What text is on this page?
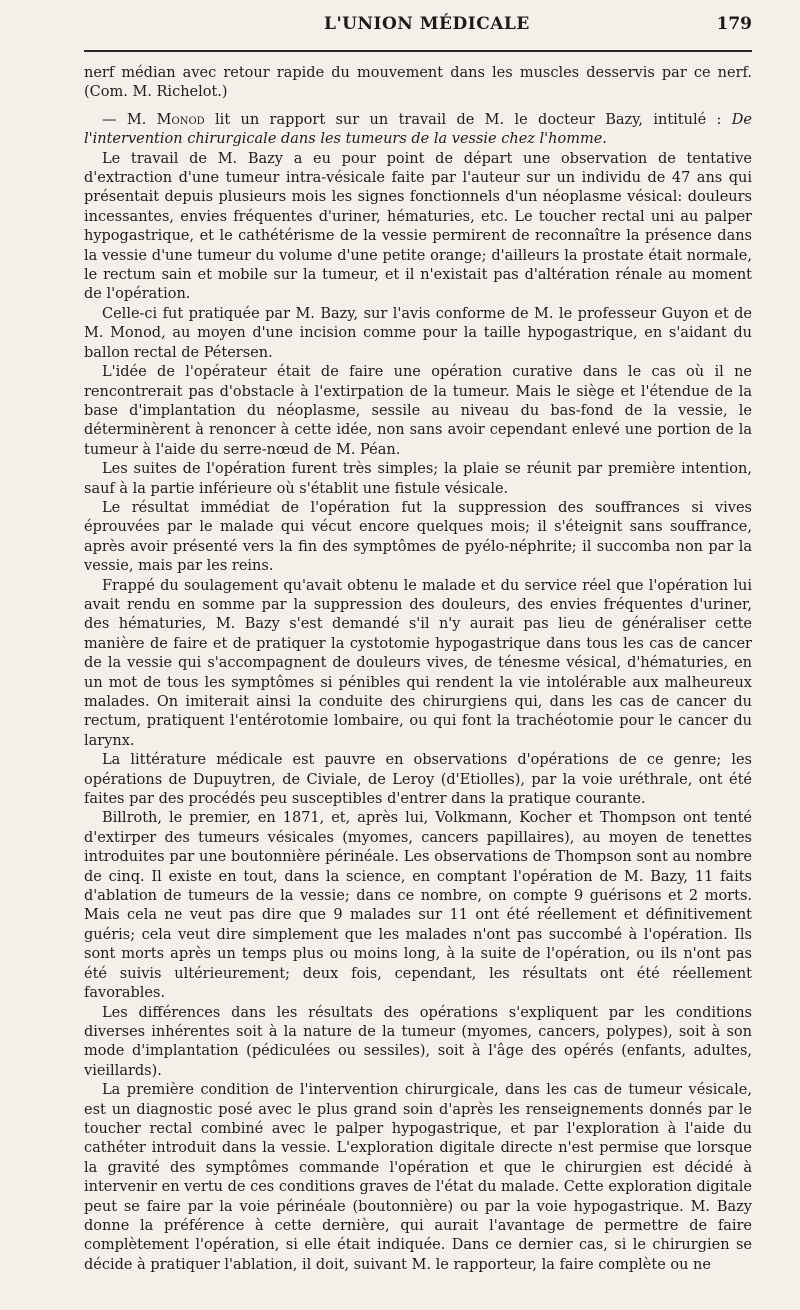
L'UNION MÉDICALE	179

nerf médian avec retour rapide du mouvement dans les muscles desservis par ce nerf. (Com. M. Richelot.)

— M. Monod lit un rapport sur un travail de M. le docteur Bazy, intitulé : De l'intervention chirurgicale dans les tumeurs de la vessie chez l'homme.

Le travail de M. Bazy a eu pour point de départ une observation de tentative d'extraction d'une tumeur intra-vésicale faite par l'auteur sur un individu de 47 ans qui présentait depuis plusieurs mois les signes fonctionnels d'un néoplasme vésical: douleurs incessantes, envies fréquentes d'uriner, hématuries, etc. Le toucher rectal uni au palper hypogastrique, et le cathétérisme de la vessie permirent de reconnaître la présence dans la vessie d'une tumeur du volume d'une petite orange; d'ailleurs la prostate était normale, le rectum sain et mobile sur la tumeur, et il n'existait pas d'altération rénale au moment de l'opération.

Celle-ci fut pratiquée par M. Bazy, sur l'avis conforme de M. le professeur Guyon et de M. Monod, au moyen d'une incision comme pour la taille hypogastrique, en s'aidant du ballon rectal de Pétersen.

L'idée de l'opérateur était de faire une opération curative dans le cas où il ne rencontrerait pas d'obstacle à l'extirpation de la tumeur. Mais le siège et l'étendue de la base d'implantation du néoplasme, sessile au niveau du bas-fond de la vessie, le déterminèrent à renoncer à cette idée, non sans avoir cependant enlevé une portion de la tumeur à l'aide du serre-nœud de M. Péan.

Les suites de l'opération furent très simples; la plaie se réunit par première intention, sauf à la partie inférieure où s'établit une fistule vésicale.

Le résultat immédiat de l'opération fut la suppression des souffrances si vives éprouvées par le malade qui vécut encore quelques mois; il s'éteignit sans souffrance, après avoir présenté vers la fin des symptômes de pyélo-néphrite; il succomba non par la vessie, mais par les reins.

Frappé du soulagement qu'avait obtenu le malade et du service réel que l'opération lui avait rendu en somme par la suppression des douleurs, des envies fréquentes d'uriner, des hématuries, M. Bazy s'est demandé s'il n'y aurait pas lieu de généraliser cette manière de faire et de pratiquer la cystotomie hypogastrique dans tous les cas de cancer de la vessie qui s'accompagnent de douleurs vives, de ténesme vésical, d'hématuries, en un mot de tous les symptômes si pénibles qui rendent la vie intolérable aux malheureux malades. On imiterait ainsi la conduite des chirurgiens qui, dans les cas de cancer du rectum, pratiquent l'entérotomie lombaire, ou qui font la trachéotomie pour le cancer du larynx.

La littérature médicale est pauvre en observations d'opérations de ce genre; les opérations de Dupuytren, de Civiale, de Leroy (d'Etiolles), par la voie uréthrale, ont été faites par des procédés peu susceptibles d'entrer dans la pratique courante.

Billroth, le premier, en 1871, et, après lui, Volkmann, Kocher et Thompson ont tenté d'extirper des tumeurs vésicales (myomes, cancers papillaires), au moyen de tenettes introduites par une boutonnière périnéale. Les observations de Thompson sont au nombre de cinq. Il existe en tout, dans la science, en comptant l'opération de M. Bazy, 11 faits d'ablation de tumeurs de la vessie; dans ce nombre, on compte 9 guérisons et 2 morts. Mais cela ne veut pas dire que 9 malades sur 11 ont été réellement et définitivement guéris; cela veut dire simplement que les malades n'ont pas succombé à l'opération. Ils sont morts après un temps plus ou moins long, à la suite de l'opération, ou ils n'ont pas été suivis ultérieurement; deux fois, cependant, les résultats ont été réellement favorables.

Les différences dans les résultats des opérations s'expliquent par les conditions diverses inhérentes soit à la nature de la tumeur (myomes, cancers, polypes), soit à son mode d'implantation (pédiculées ou sessiles), soit à l'âge des opérés (enfants, adultes, vieillards).

La première condition de l'intervention chirurgicale, dans les cas de tumeur vésicale, est un diagnostic posé avec le plus grand soin d'après les renseignements donnés par le toucher rectal combiné avec le palper hypogastrique, et par l'exploration à l'aide du cathéter introduit dans la vessie. L'exploration digitale directe n'est permise que lorsque la gravité des symptômes commande l'opération et que le chirurgien est décidé à intervenir en vertu de ces conditions graves de l'état du malade. Cette exploration digitale peut se faire par la voie périnéale (boutonnière) ou par la voie hypogastrique. M. Bazy donne la préférence à cette dernière, qui aurait l'avantage de permettre de faire complètement l'opération, si elle était indiquée. Dans ce dernier cas, si le chirurgien se décide à pratiquer l'ablation, il doit, suivant M. le rapporteur, la faire complète ou ne
